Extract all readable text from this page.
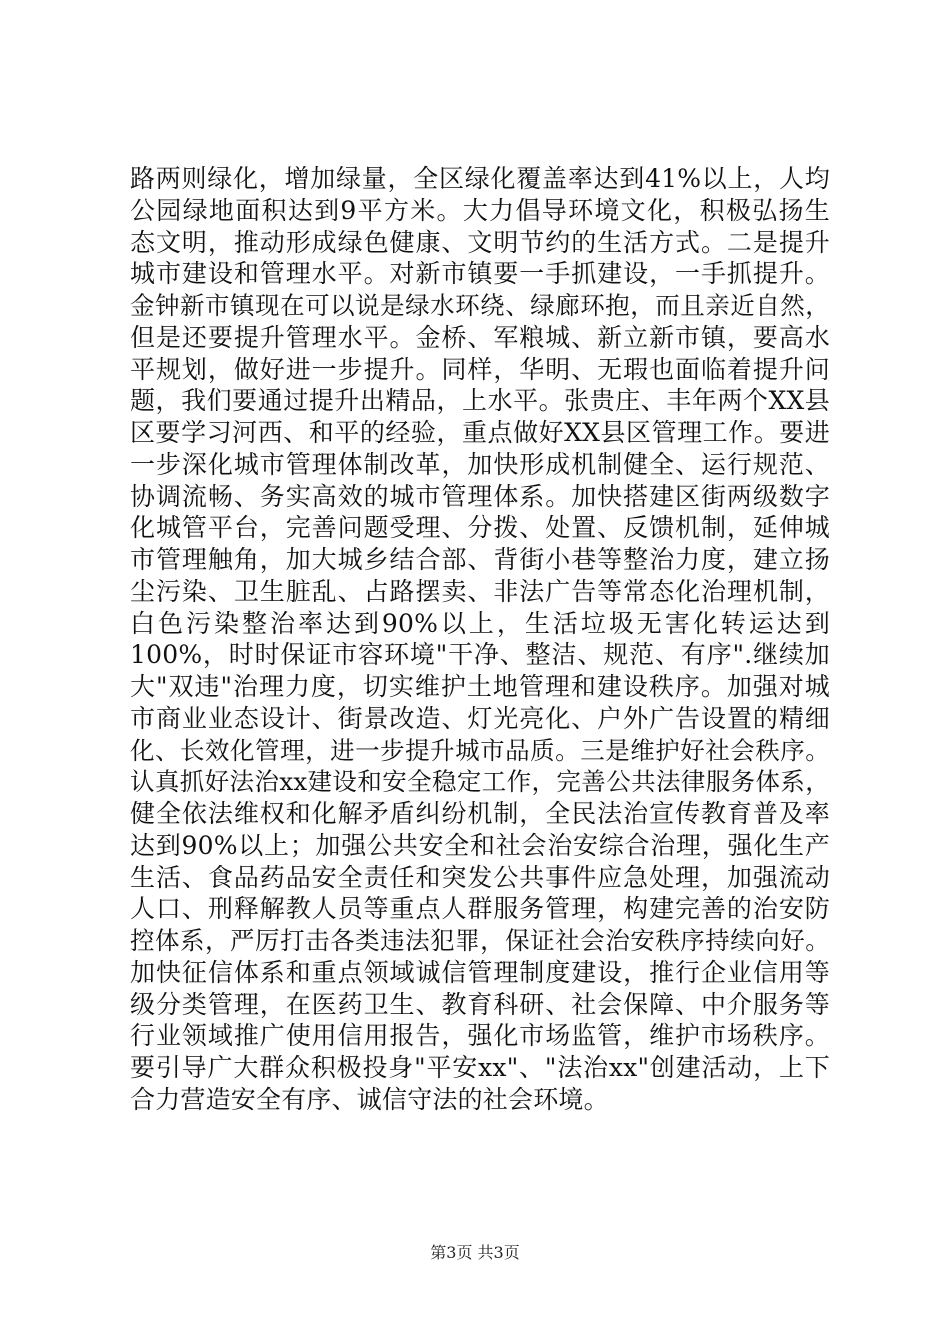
路两则绿化，增加绿量，全区绿化覆盖率达到41%以上，人均
公园绿地面积达到9平方米。大力倡导环境文化，积极弘扬生
态文明，推动形成绿色健康、文明节约的生活方式。二是提升
城市建设和管理水平。对新市镇要一手抓建设，一手抓提升。
金钟新市镇现在可以说是绿水环绕、绿廊环抱，而且亲近自然，
但是还要提升管理水平。金桥、军粮城、新立新市镇，要高水
平规划，做好进一步提升。同样，华明、无瑕也面临着提升问
题，我们要通过提升出精品，上水平。张贵庄、丰年两个XX县
区要学习河西、和平的经验，重点做好XX县区管理工作。要进
一步深化城市管理体制改革，加快形成机制健全、运行规范、
协调流畅、务实高效的城市管理体系。加快搭建区街两级数字
化城管平台，完善问题受理、分拨、处置、反馈机制，延伸城
市管理触角，加大城乡结合部、背街小巷等整治力度，建立扬
尘污染、卫生脏乱、占路摆卖、非法广告等常态化治理机制，
白色污染整治率达到90%以上，生活垃圾无害化转运达到
100%，时时保证市容环境"干净、整洁、规范、有序".继续加
大"双违"治理力度，切实维护土地管理和建设秩序。加强对城
市商业业态设计、街景改造、灯光亮化、户外广告设置的精细
化、长效化管理，进一步提升城市品质。三是维护好社会秩序。
认真抓好法治xx建设和安全稳定工作，完善公共法律服务体系，
健全依法维权和化解矛盾纠纷机制，全民法治宣传教育普及率
达到90%以上；加强公共安全和社会治安综合治理，强化生产
生活、食品药品安全责任和突发公共事件应急处理，加强流动
人口、刑释解教人员等重点人群服务管理，构建完善的治安防
控体系，严厉打击各类违法犯罪，保证社会治安秩序持续向好。
加快征信体系和重点领域诚信管理制度建设，推行企业信用等
级分类管理，在医药卫生、教育科研、社会保障、中介服务等
行业领域推广使用信用报告，强化市场监管，维护市场秩序。
要引导广大群众积极投身"平安xx"、"法治xx"创建活动，上下
合力营造安全有序、诚信守法的社会环境。
第3页 共3页
